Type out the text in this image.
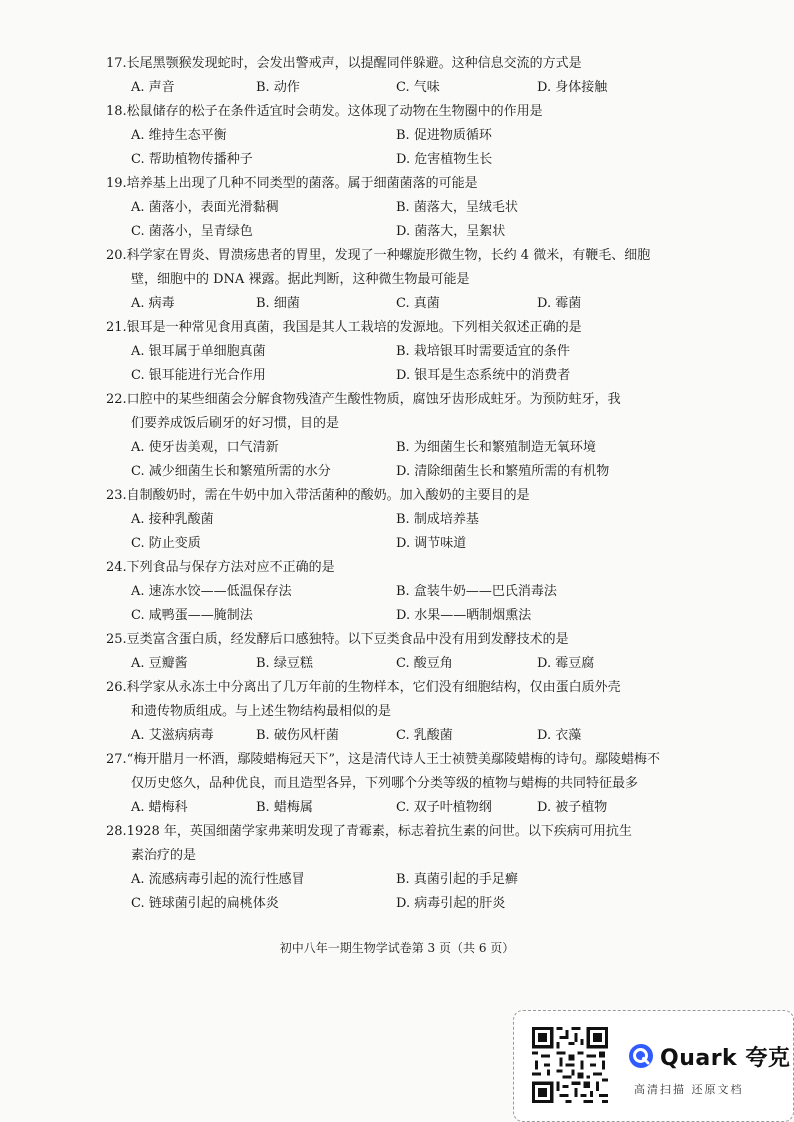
17.长尾黑颚猴发现蛇时，会发出警戒声，以提醒同伴躲避。这种信息交流的方式是
A. 声音	B. 动作	C. 气味	D. 身体接触
18.松鼠储存的松子在条件适宜时会萌发。这体现了动物在生物圈中的作用是
A. 维持生态平衡	B. 促进物质循环
C. 帮助植物传播种子	D. 危害植物生长
19.培养基上出现了几种不同类型的菌落。属于细菌菌落的可能是
A. 菌落小，表面光滑黏稠	B. 菌落大，呈绒毛状
C. 菌落小，呈青绿色	D. 菌落大，呈絮状
20.科学家在胃炎、胃溃疡患者的胃里，发现了一种螺旋形微生物，长约 4 微米，有鞭毛、细胞
壁，细胞中的 DNA 裸露。据此判断，这种微生物最可能是
A. 病毒	B. 细菌	C. 真菌	D. 霉菌
21.银耳是一种常见食用真菌，我国是其人工栽培的发源地。下列相关叙述正确的是
A. 银耳属于单细胞真菌	B. 栽培银耳时需要适宜的条件
C. 银耳能进行光合作用	D. 银耳是生态系统中的消费者
22.口腔中的某些细菌会分解食物残渣产生酸性物质，腐蚀牙齿形成蛀牙。为预防蛀牙，我
们要养成饭后刷牙的好习惯，目的是
A. 使牙齿美观，口气清新	B. 为细菌生长和繁殖制造无氧环境
C. 减少细菌生长和繁殖所需的水分	D. 清除细菌生长和繁殖所需的有机物
23.自制酸奶时，需在牛奶中加入带活菌种的酸奶。加入酸奶的主要目的是
A. 接种乳酸菌	B. 制成培养基
C. 防止变质	D. 调节味道
24.下列食品与保存方法对应不正确的是
A. 速冻水饺——低温保存法	B. 盒装牛奶——巴氏消毒法
C. 咸鸭蛋——腌制法	D. 水果——晒制烟熏法
25.豆类富含蛋白质，经发酵后口感独特。以下豆类食品中没有用到发酵技术的是
A. 豆瓣酱	B. 绿豆糕	C. 酸豆角	D. 霉豆腐
26.科学家从永冻土中分离出了几万年前的生物样本，它们没有细胞结构，仅由蛋白质外壳
和遗传物质组成。与上述生物结构最相似的是
A. 艾滋病病毒	B. 破伤风杆菌	C. 乳酸菌	D. 衣藻
27.“梅开腊月一杯酒，鄢陵蜡梅冠天下”，这是清代诗人王士祯赞美鄢陵蜡梅的诗句。鄢陵蜡梅不
仅历史悠久，品种优良，而且造型各异，下列哪个分类等级的植物与蜡梅的共同特征最多
A. 蜡梅科	B. 蜡梅属	C. 双子叶植物纲	D. 被子植物
28.1928 年，英国细菌学家弗莱明发现了青霉素，标志着抗生素的问世。以下疾病可用抗生
素治疗的是
A. 流感病毒引起的流行性感冒	B. 真菌引起的手足癣
C. 链球菌引起的扁桃体炎	D. 病毒引起的肝炎
初中八年一期生物学试卷第 3 页（共 6 页）
Quark 夸克
高清扫描 还原文档
